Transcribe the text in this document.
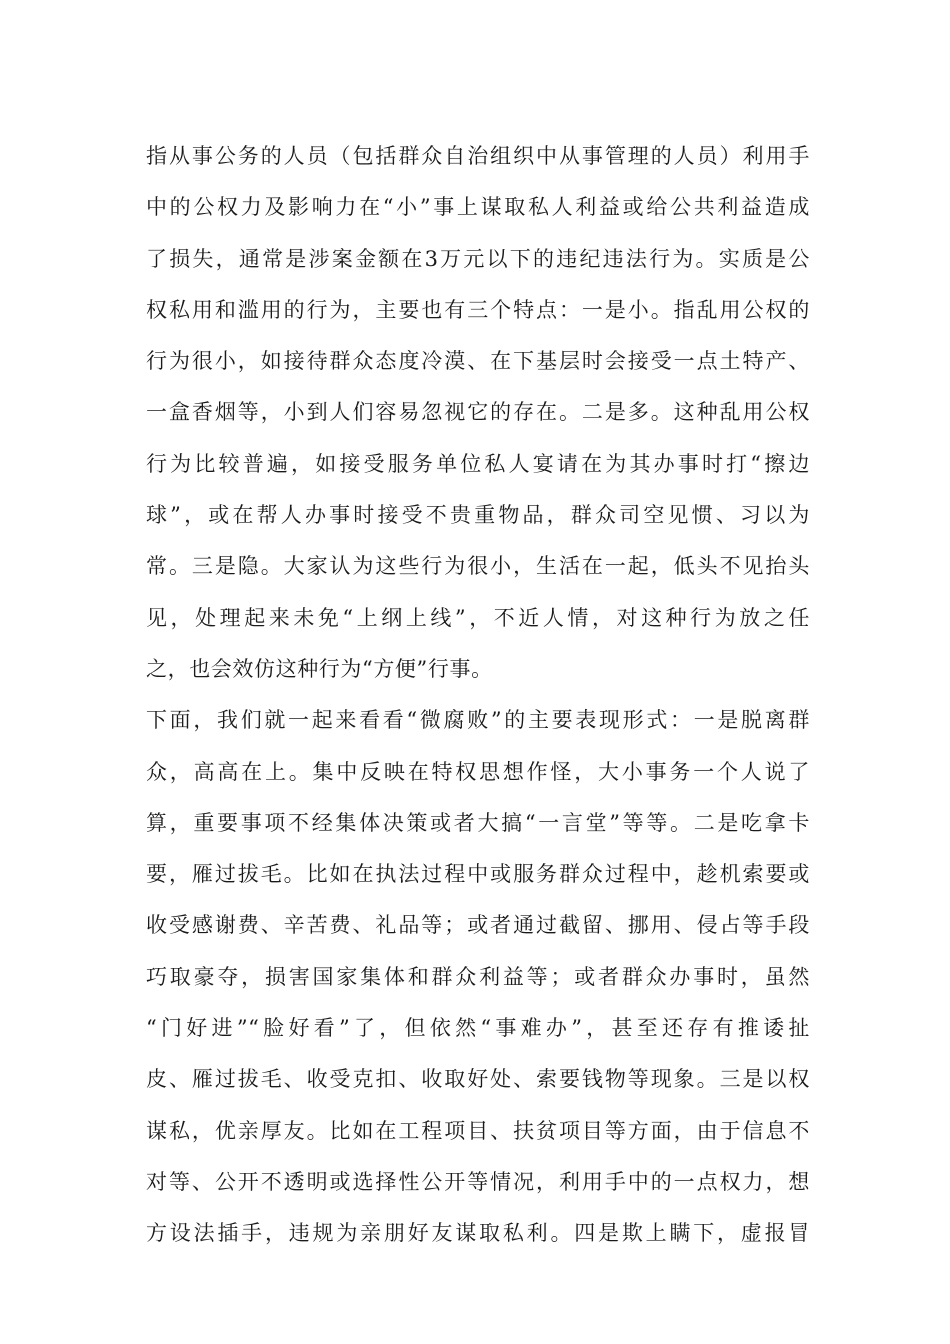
指从事公务的人员（包括群众自治组织中从事管理的人员）利用手
中的公权力及影响力在“小”事上谋取私人利益或给公共利益造成
了损失，通常是涉案金额在3万元以下的违纪违法行为。实质是公
权私用和滥用的行为，主要也有三个特点：一是小。指乱用公权的
行为很小，如接待群众态度冷漠、在下基层时会接受一点土特产、
一盒香烟等，小到人们容易忽视它的存在。二是多。这种乱用公权
行为比较普遍，如接受服务单位私人宴请在为其办事时打“擦边
球”，或在帮人办事时接受不贵重物品，群众司空见惯、习以为
常。三是隐。大家认为这些行为很小，生活在一起，低头不见抬头
见，处理起来未免“上纲上线”，不近人情，对这种行为放之任
之，也会效仿这种行为“方便”行事。
下面，我们就一起来看看“微腐败”的主要表现形式：一是脱离群
众，高高在上。集中反映在特权思想作怪，大小事务一个人说了
算，重要事项不经集体决策或者大搞“一言堂”等等。二是吃拿卡
要，雁过拔毛。比如在执法过程中或服务群众过程中，趁机索要或
收受感谢费、辛苦费、礼品等；或者通过截留、挪用、侵占等手段
巧取豪夺，损害国家集体和群众利益等；或者群众办事时，虽然
“门好进”“脸好看”了，但依然“事难办”，甚至还存有推诿扯
皮、雁过拔毛、收受克扣、收取好处、索要钱物等现象。三是以权
谋私，优亲厚友。比如在工程项目、扶贫项目等方面，由于信息不
对等、公开不透明或选择性公开等情况，利用手中的一点权力，想
方设法插手，违规为亲朋好友谋取私利。四是欺上瞒下，虚报冒
